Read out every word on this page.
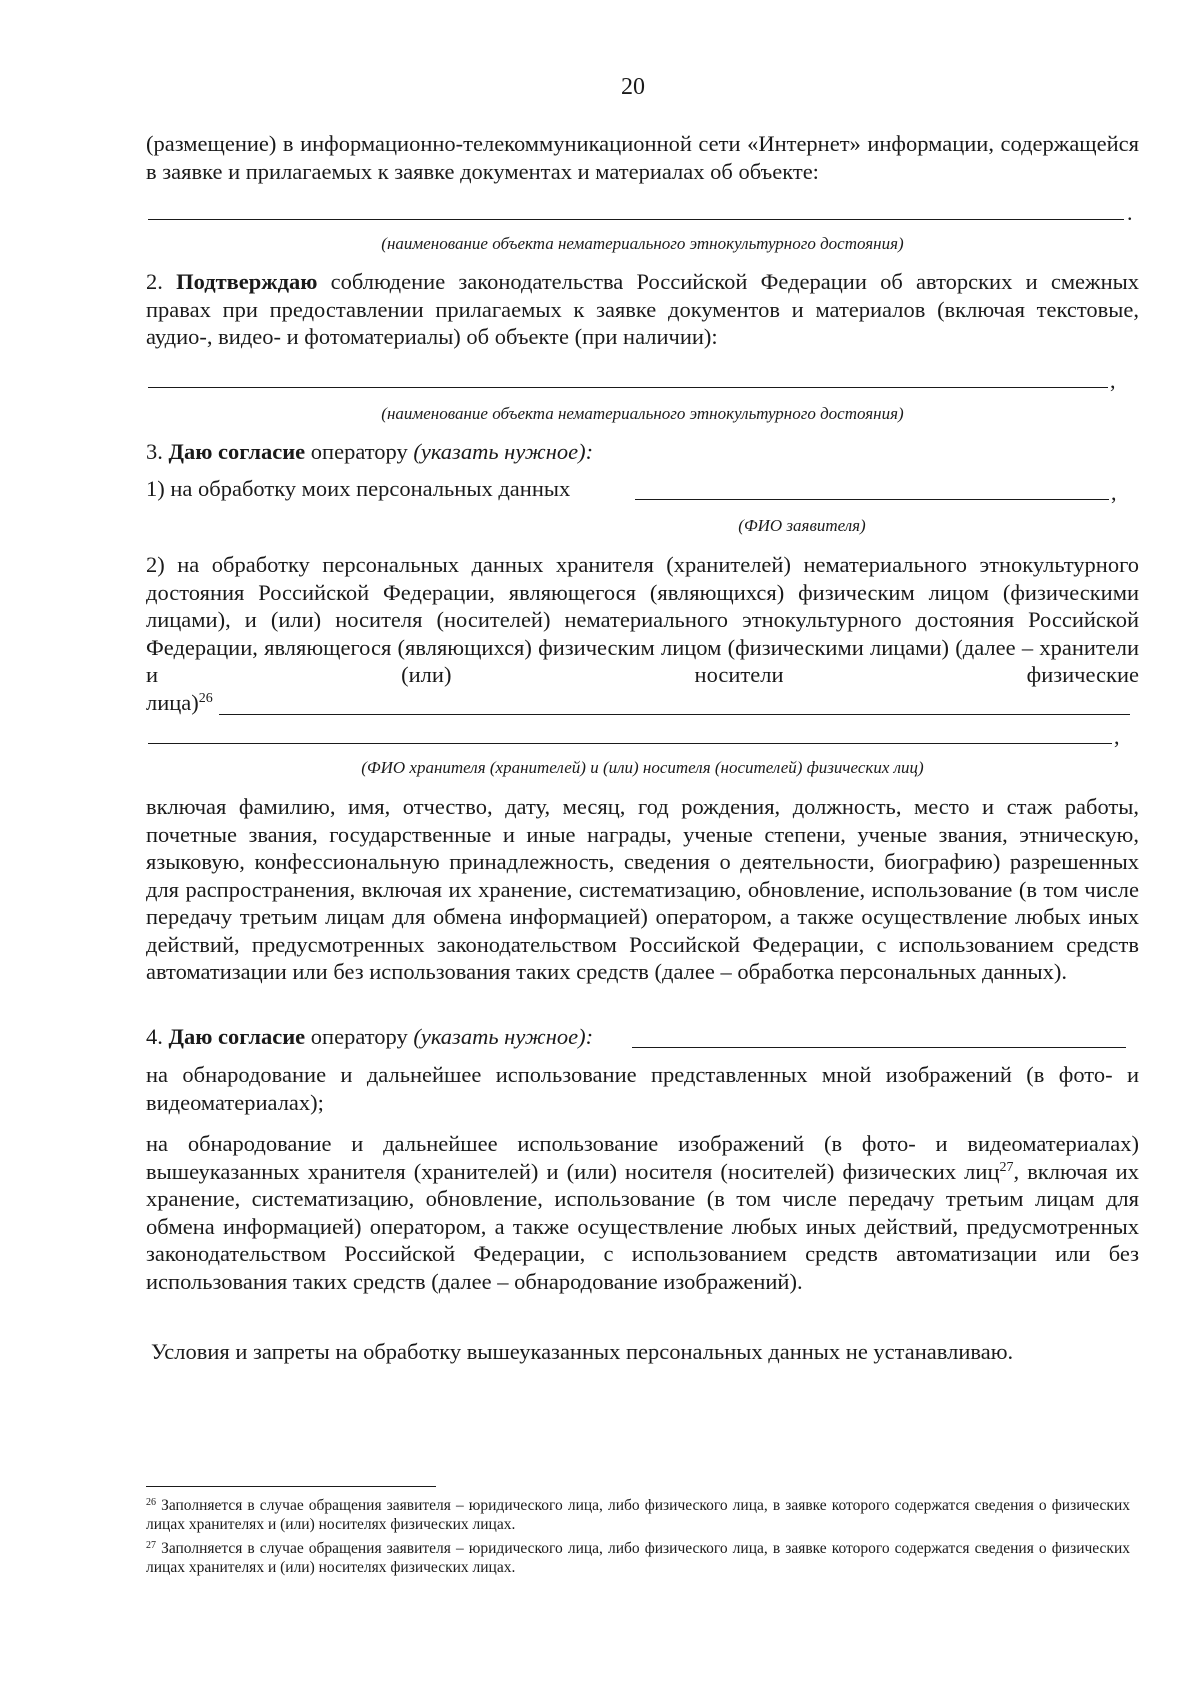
20
(размещение) в информационно-телекоммуникационной сети «Интернет» информации, содержащейся в заявке и прилагаемых к заявке документах и материалах об объекте:
.
(наименование объекта нематериального этнокультурного достояния)
2. Подтверждаю соблюдение законодательства Российской Федерации об авторских и смежных правах при предоставлении прилагаемых к заявке документов и материалов (включая текстовые, аудио-, видео- и фотоматериалы) об объекте (при наличии):
,
(наименование объекта нематериального этнокультурного достояния)
3. Даю согласие оператору (указать нужное):
1) на обработку моих персональных данных	,
(ФИО заявителя)
2) на обработку персональных данных хранителя (хранителей) нематериального этнокультурного достояния Российской Федерации, являющегося (являющихся) физическим лицом (физическими лицами), и (или) носителя (носителей) нематериального этнокультурного достояния Российской Федерации, являющегося (являющихся) физическим лицом (физическими лицами) (далее – хранители и (или) носители физические
лица)$^{26}$
,
(ФИО хранителя (хранителей) и (или) носителя (носителей) физических лиц)
включая фамилию, имя, отчество, дату, месяц, год рождения, должность, место и стаж работы, почетные звания, государственные и иные награды, ученые степени, ученые звания, этническую, языковую, конфессиональную принадлежность, сведения о деятельности, биографию) разрешенных для распространения, включая их хранение, систематизацию, обновление, использование (в том числе передачу третьим лицам для обмена информацией) оператором, а также осуществление любых иных действий, предусмотренных законодательством Российской Федерации, с использованием средств автоматизации или без использования таких средств (далее – обработка персональных данных).
4. Даю согласие оператору (указать нужное):
на обнародование и дальнейшее использование представленных мной изображений (в фото- и видеоматериалах);
на обнародование и дальнейшее использование изображений (в фото- и видеоматериалах) вышеуказанных хранителя (хранителей) и (или) носителя (носителей) физических лиц$^{27}$, включая их хранение, систематизацию, обновление, использование (в том числе передачу третьим лицам для обмена информацией) оператором, а также осуществление любых иных действий, предусмотренных законодательством Российской Федерации, с использованием средств автоматизации или без использования таких средств (далее – обнародование изображений).
Условия и запреты на обработку вышеуказанных персональных данных не устанавливаю.
$^{26}$ Заполняется в случае обращения заявителя – юридического лица, либо физического лица, в заявке которого содержатся сведения о физических лицах хранителях и (или) носителях физических лицах.
$^{27}$ Заполняется в случае обращения заявителя – юридического лица, либо физического лица, в заявке которого содержатся сведения о физических лицах хранителях и (или) носителях физических лицах.
